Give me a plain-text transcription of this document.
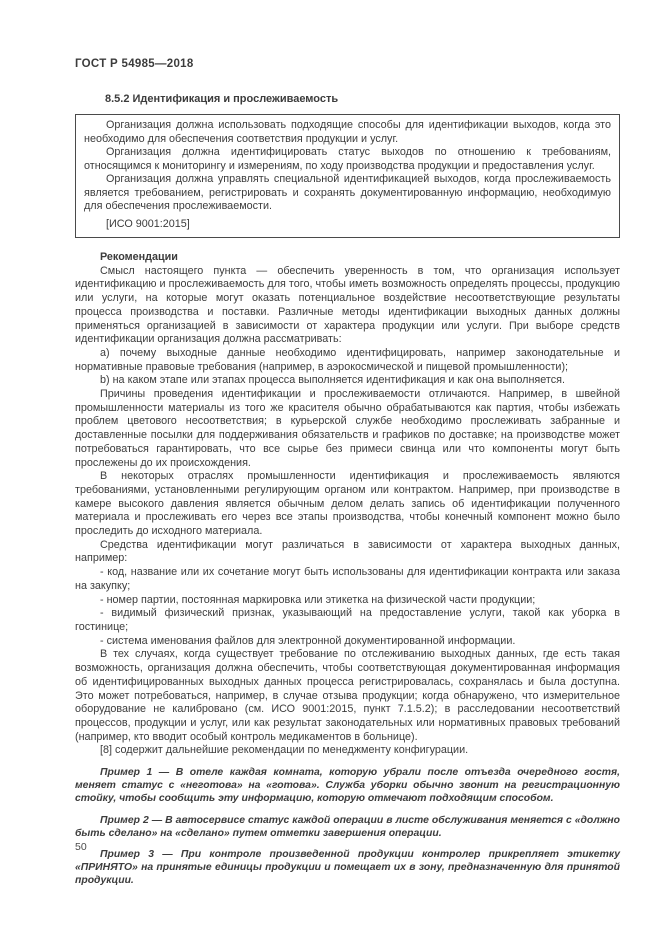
ГОСТ Р 54985—2018
8.5.2 Идентификация и прослеживаемость

Организация должна использовать подходящие способы для идентификации выходов, когда это необходимо для обеспечения соответствия продукции и услуг.

Организация должна идентифицировать статус выходов по отношению к требованиям, относящимся к мониторингу и измерениям, по ходу производства продукции и предоставления услуг.

Организация должна управлять специальной идентификацией выходов, когда прослеживаемость является требованием, регистрировать и сохранять документированную информацию, необходимую для обеспечения прослеживаемости.

[ИСО 9001:2015]

Рекомендации

Смысл настоящего пункта — обеспечить уверенность в том, что организация использует идентификацию и прослеживаемость для того, чтобы иметь возможность определять процессы, продукцию или услуги, на которые могут оказать потенциальное воздействие несоответствующие результаты процесса производства и поставки. Различные методы идентификации выходных данных должны применяться организацией в зависимости от характера продукции или услуги. При выборе средств идентификации организация должна рассматривать:

a) почему выходные данные необходимо идентифицировать, например законодательные и нормативные правовые требования (например, в аэрокосмической и пищевой промышленности);

b) на каком этапе или этапах процесса выполняется идентификация и как она выполняется.

Причины проведения идентификации и прослеживаемости отличаются. Например, в швейной промышленности материалы из того же красителя обычно обрабатываются как партия, чтобы избежать проблем цветового несоответствия; в курьерской службе необходимо прослеживать забранные и доставленные посылки для поддерживания обязательств и графиков по доставке; на производстве может потребоваться гарантировать, что все сырье без примеси свинца или что компоненты могут быть прослежены до их происхождения.

В некоторых отраслях промышленности идентификация и прослеживаемость являются требованиями, установленными регулирующим органом или контрактом. Например, при производстве в камере высокого давления является обычным делом делать запись об идентификации полученного материала и прослеживать его через все этапы производства, чтобы конечный компонент можно было проследить до исходного материала.

Средства идентификации могут различаться в зависимости от характера выходных данных, например:

- код, название или их сочетание могут быть использованы для идентификации контракта или заказа на закупку;

- номер партии, постоянная маркировка или этикетка на физической части продукции;

- видимый физический признак, указывающий на предоставление услуги, такой как уборка в гостинице;

- система именования файлов для электронной документированной информации.

В тех случаях, когда существует требование по отслеживанию выходных данных, где есть такая возможность, организация должна обеспечить, чтобы соответствующая документированная информация об идентифицированных выходных данных процесса регистрировалась, сохранялась и была доступна. Это может потребоваться, например, в случае отзыва продукции; когда обнаружено, что измерительное оборудование не калибровано (см. ИСО 9001:2015, пункт 7.1.5.2); в расследовании несоответствий процессов, продукции и услуг, или как результат законодательных или нормативных правовых требований (например, кто вводит особый контроль медикаментов в больнице).

[8] содержит дальнейшие рекомендации по менеджменту конфигурации.

Пример 1 — В отеле каждая комната, которую убрали после отъезда очередного гостя, меняет статус с «неготова» на «готова». Служба уборки обычно звонит на регистрационную стойку, чтобы сообщить эту информацию, которую отмечают подходящим способом.

Пример 2 — В автосервисе статус каждой операции в листе обслуживания меняется с «должно быть сделано» на «сделано» путем отметки завершения операции.

Пример 3 — При контроле произведенной продукции контролер прикрепляет этикетку «ПРИНЯТО» на принятые единицы продукции и помещает их в зону, предназначенную для принятой продукции.

50
